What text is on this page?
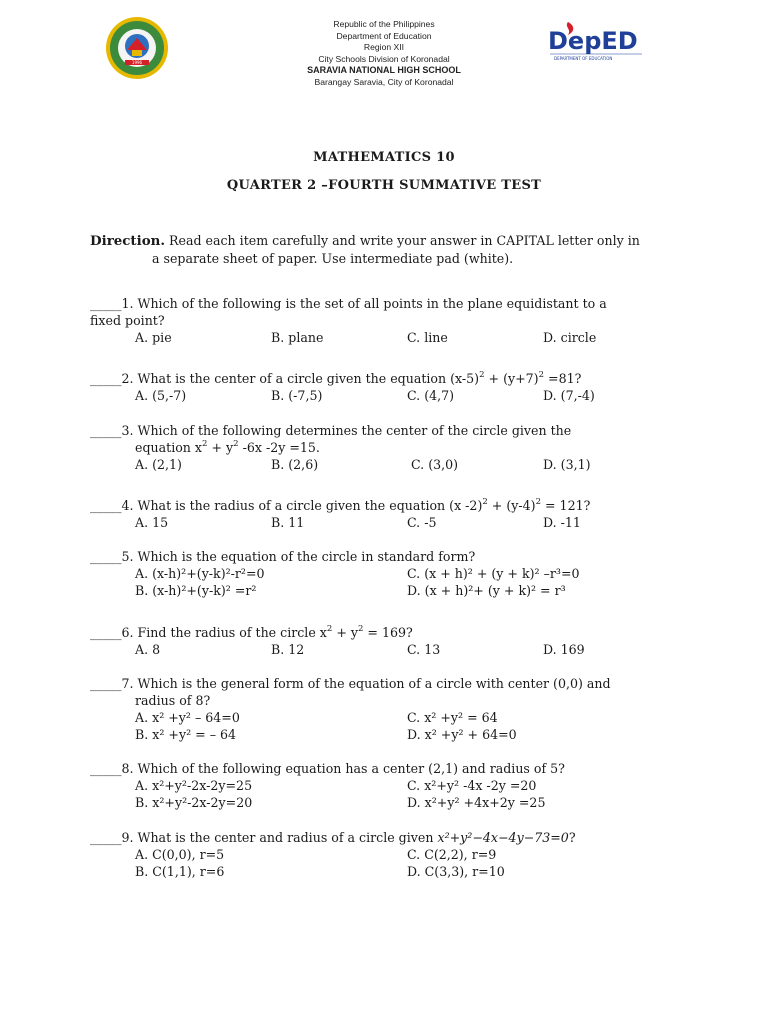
1996
Republic of the Philippines
Department of Education
Region XII
City Schools Division of Koronadal
SARAVIA NATIONAL HIGH SCHOOL
Barangay Saravia, City of Koronadal
DepED
DEPARTMENT OF EDUCATION
MATHEMATICS 10
QUARTER 2 –FOURTH SUMMATIVE TEST
Direction. Read each item carefully and write your answer in CAPITAL letter only in
a separate sheet of paper. Use intermediate pad (white).
_____1. Which of the following is the set of all points in the plane equidistant to a
fixed point?
A. pie	B. plane	C. line	D. circle
_____2. What is the center of a circle given the equation $(x-5)^2 + (y+7)^2 =81$?
A. (5,-7)	B. (-7,5)	C. (4,7)	D. (7,-4)
_____3. Which of the following determines the center of the circle given the
equation $x^2 + y^2$ -6x -2y =15.
A. (2,1)	B. (2,6)	C. (3,0)	D. (3,1)
_____4. What is the radius of a circle given the equation (x $-2)^2 + (y-4)^2 = 121$?
A. 15	B. 11	C. -5	D. -11
_____5. Which is the equation of the circle in standard form?
A. (x-h)²+(y-k)²-r²=0	C. (x + h)² + (y + k)² –r³=0
B. (x-h)²+(y-k)² =r²	D. (x + h)²+ (y + k)² = r³
_____6. Find the radius of the circle $x^2 + y^2 = 169$?
A. 8	B. 12	C. 13	D. 169
_____7. Which is the general form of the equation of a circle with center (0,0) and
radius of 8?
A. x² +y² – 64=0	C. x² +y² = 64
B. x² +y² = – 64	D. x² +y² + 64=0
_____8. Which of the following equation has a center (2,1) and radius of 5?
A. x²+y²-2x-2y=25	C. x²+y² -4x -2y =20
B. x²+y²-2x-2y=20	D. x²+y² +4x+2y =25
_____9. What is the center and radius of a circle given x²+y²−4x−4y−73=0?
A. C(0,0), r=5	C. C(2,2), r=9
B. C(1,1), r=6	D. C(3,3), r=10
